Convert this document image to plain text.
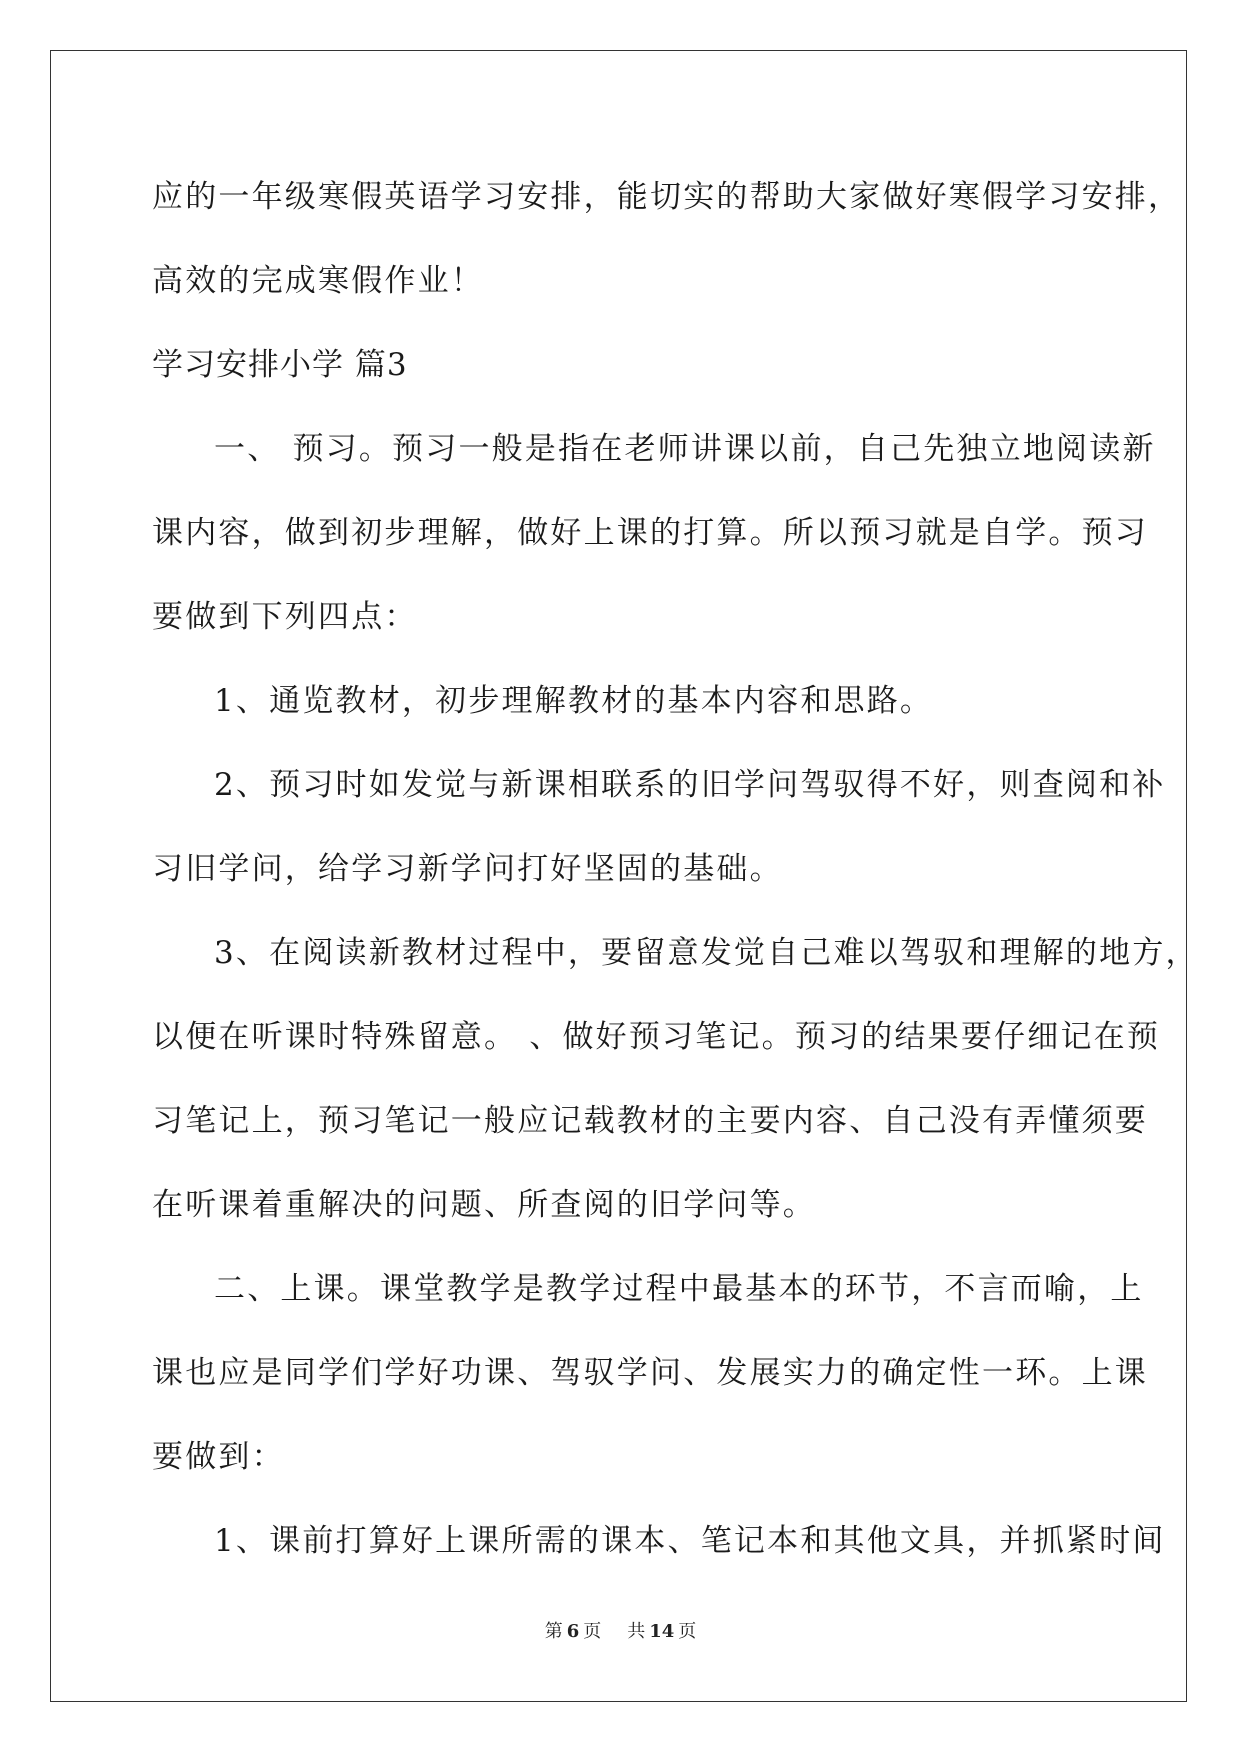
应的一年级寒假英语学习安排，能切实的帮助大家做好寒假学习安排，
高效的完成寒假作业！
学习安排小学 篇3
一、 预习。预习一般是指在老师讲课以前，自己先独立地阅读新
课内容，做到初步理解，做好上课的打算。所以预习就是自学。预习
要做到下列四点：
1、通览教材，初步理解教材的基本内容和思路。
2、预习时如发觉与新课相联系的旧学问驾驭得不好，则查阅和补
习旧学问，给学习新学问打好坚固的基础。
3、在阅读新教材过程中，要留意发觉自己难以驾驭和理解的地方，
以便在听课时特殊留意。 、做好预习笔记。预习的结果要仔细记在预
习笔记上，预习笔记一般应记载教材的主要内容、自己没有弄懂须要
在听课着重解决的问题、所查阅的旧学问等。
二、上课。课堂教学是教学过程中最基本的环节，不言而喻，上
课也应是同学们学好功课、驾驭学问、发展实力的确定性一环。上课
要做到：
1、课前打算好上课所需的课本、笔记本和其他文具，并抓紧时间
第 6 页 共 14 页
